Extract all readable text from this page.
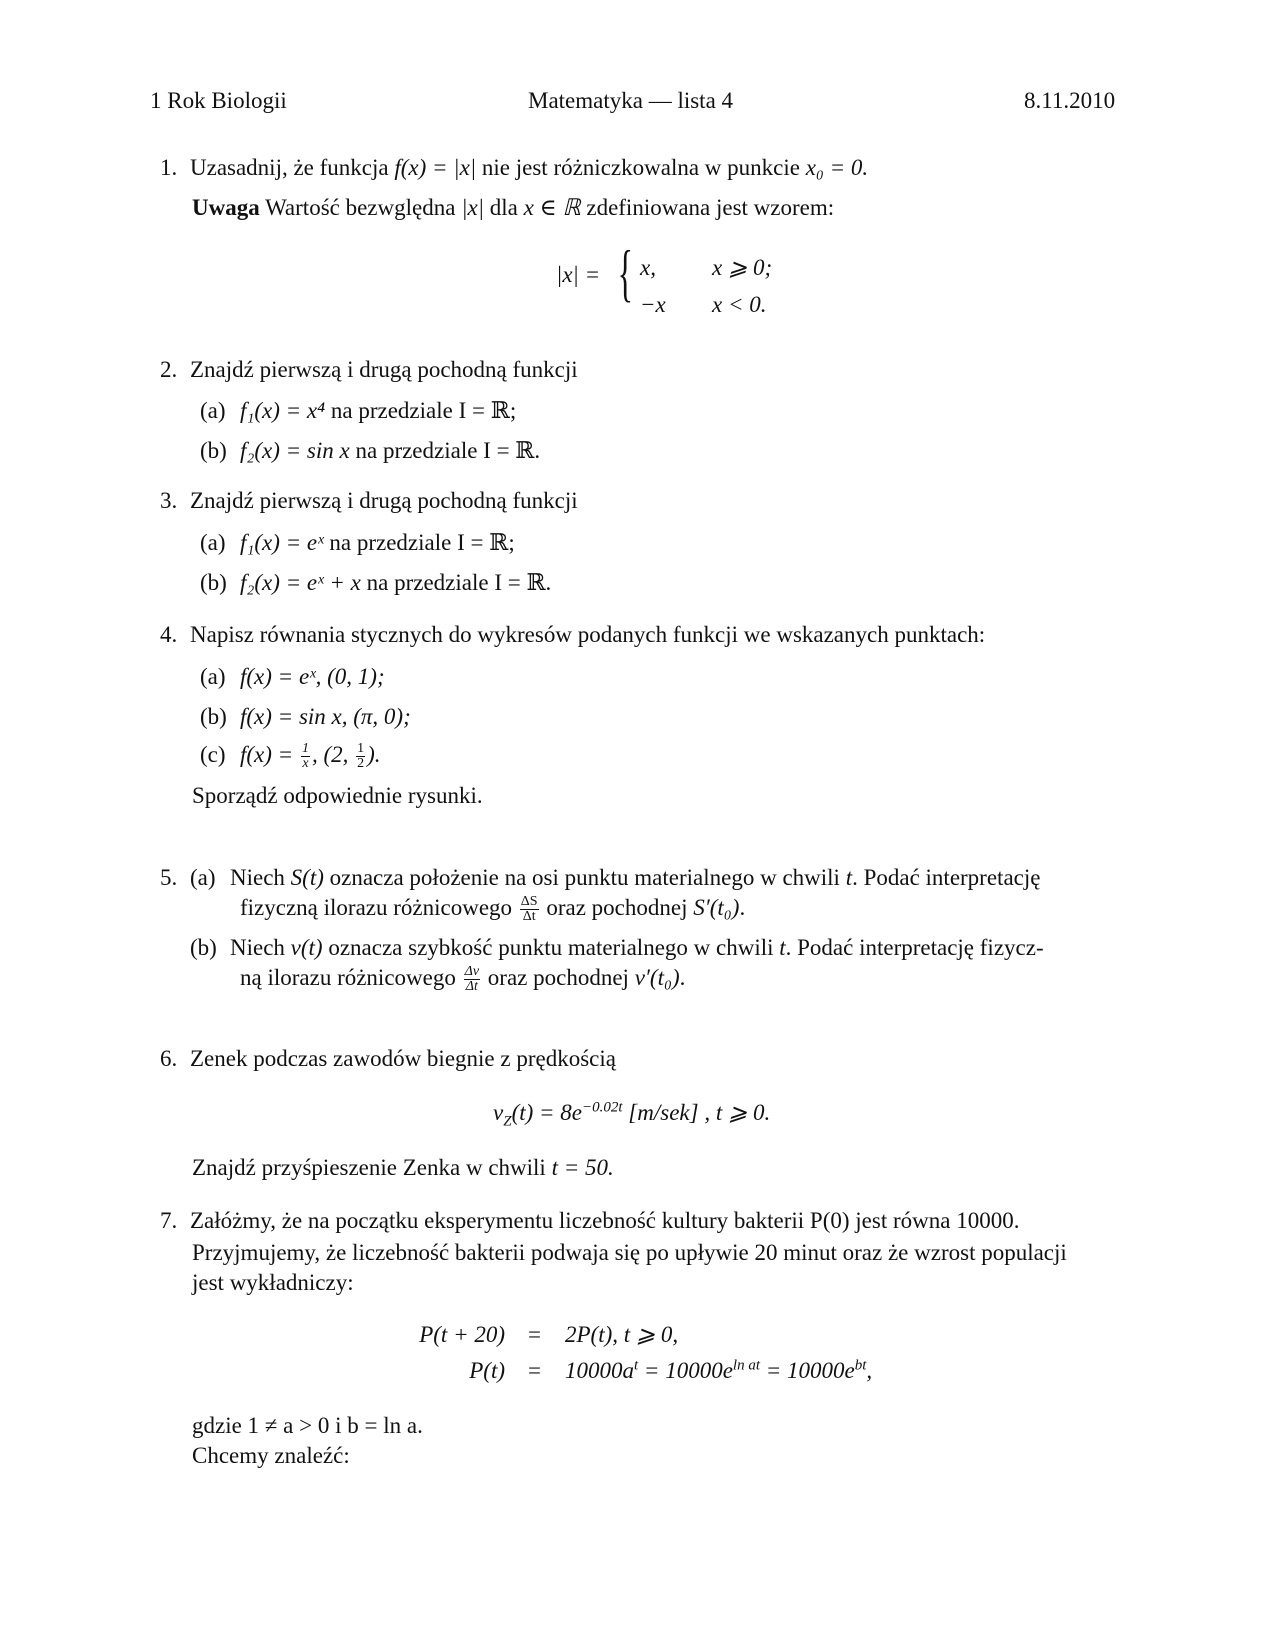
1 Rok Biologii	Matematyka — lista 4	8.11.2010
1. Uzasadnij, że funkcja f(x) = |x| nie jest różniczkowalna w punkcie x₀ = 0.
Uwaga Wartość bezwględna |x| dla x ∈ ℝ zdefiniowana jest wzorem:
|x| = { x, x ⩾ 0;
−x x < 0.
2. Znajdź pierwszą i drugą pochodną funkcji
(a) f₁(x) = x⁴ na przedziale I = ℝ;
(b) f₂(x) = sin x na przedziale I = ℝ.
3. Znajdź pierwszą i drugą pochodną funkcji
(a) f₁(x) = eˣ na przedziale I = ℝ;
(b) f₂(x) = eˣ + x na przedziale I = ℝ.
4. Napisz równania stycznych do wykresów podanych funkcji we wskazanych punktach:
(a) f(x) = eˣ, (0, 1);
(b) f(x) = sin x, (π, 0);
(c) $f(x) = \frac{1}{x}$ , (2, $\frac{1}{2}$ ).
Sporządź odpowiednie rysunki.
5. (a) Niech S(t) oznacza położenie na osi punktu materialnego w chwili t. Podać interpretację
fizyczną ilorazu różnicowego $\frac{\Delta S}{\Delta t}$ oraz pochodnej S′(t₀).
(b) Niech v(t) oznacza szybkość punktu materialnego w chwili t. Podać interpretację fizycz-
ną ilorazu różnicowego $\frac{\Delta v}{\Delta t}$ oraz pochodnej v′(t₀).
6. Zenek podczas zawodów biegnie z prędkością
$v_Z(t) = 8e^{-0.02t}$ [m/sek] , t ⩾ 0.
Znajdź przyśpieszenie Zenka w chwili t = 50.
7. Załóżmy, że na początku eksperymentu liczebność kultury bakterii P(0) jest równa 10000.
Przyjmujemy, że liczebność bakterii podwaja się po upływie 20 minut oraz że wzrost populacji
jest wykładniczy:
P(t + 20) = 2P(t), t ⩾ 0,
$P(t) = 10000a^t = 10000e^{ln at} = 10000e^{bt}$,
gdzie 1 ≠ a > 0 i b = ln a.
Chcemy znaleźć:
